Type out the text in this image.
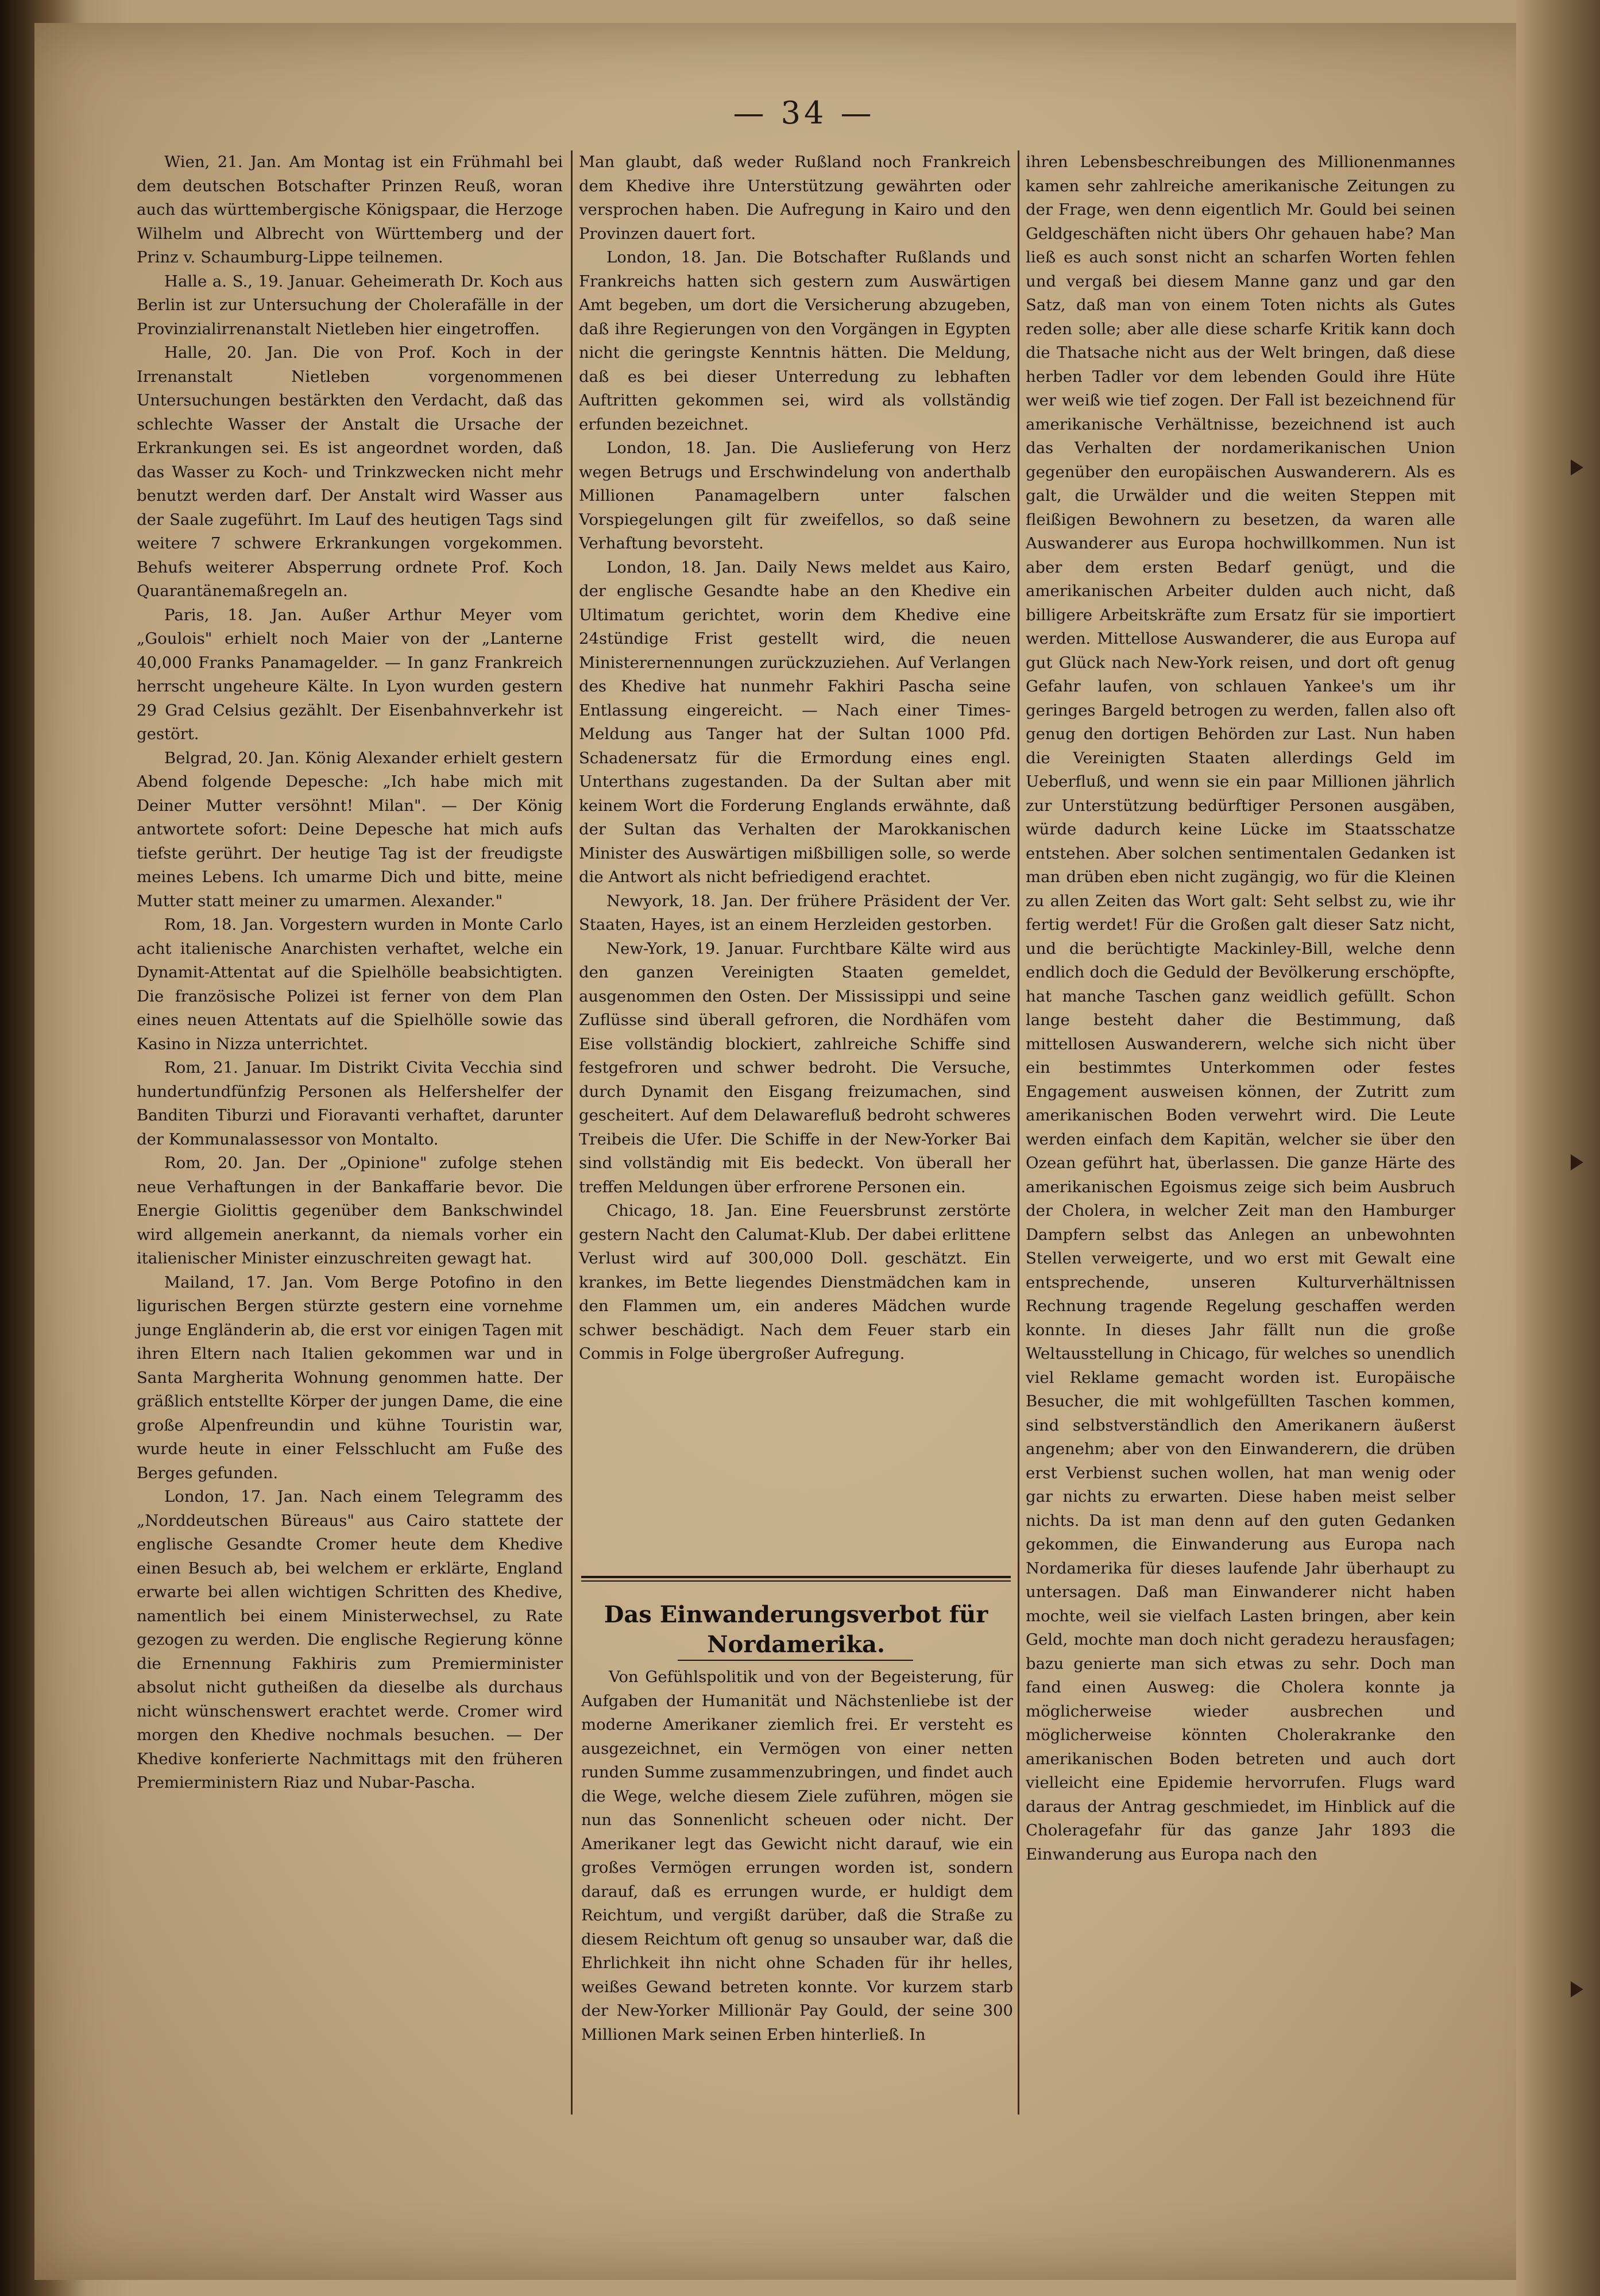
— 34 —

Wien, 21. Jan. Am Montag ist ein Frühmahl bei dem deutschen Botschafter Prinzen Reuß, woran auch das württembergische Königspaar, die Herzoge Wilhelm und Albrecht von Württemberg und der Prinz v. Schaumburg-Lippe teilnemen.

Halle a. S., 19. Januar. Geheimerath Dr. Koch aus Berlin ist zur Untersuchung der Cholerafälle in der Provinzialirrenanstalt Nietleben hier eingetroffen.

Halle, 20. Jan. Die von Prof. Koch in der Irrenanstalt Nietleben vorgenommenen Untersuchungen bestärkten den Verdacht, daß das schlechte Wasser der Anstalt die Ursache der Erkrankungen sei. Es ist angeordnet worden, daß das Wasser zu Koch- und Trinkzwecken nicht mehr benutzt werden darf. Der Anstalt wird Wasser aus der Saale zugeführt. Im Lauf des heutigen Tags sind weitere 7 schwere Erkrankungen vorgekommen. Behufs weiterer Absperrung ordnete Prof. Koch Quarantänemaßregeln an.

Paris, 18. Jan. Außer Arthur Meyer vom „Goulois" erhielt noch Maier von der „Lanterne 40,000 Franks Panamagelder. — In ganz Frankreich herrscht ungeheure Kälte. In Lyon wurden gestern 29 Grad Celsius gezählt. Der Eisenbahnverkehr ist gestört.

Belgrad, 20. Jan. König Alexander erhielt gestern Abend folgende Depesche: „Ich habe mich mit Deiner Mutter versöhnt! Milan". — Der König antwortete sofort: Deine Depesche hat mich aufs tiefste gerührt. Der heutige Tag ist der freudigste meines Lebens. Ich umarme Dich und bitte, meine Mutter statt meiner zu umarmen. Alexander."

Rom, 18. Jan. Vorgestern wurden in Monte Carlo acht italienische Anarchisten verhaftet, welche ein Dynamit-Attentat auf die Spielhölle beabsichtigten. Die französische Polizei ist ferner von dem Plan eines neuen Attentats auf die Spielhölle sowie das Kasino in Nizza unterrichtet.

Rom, 21. Januar. Im Distrikt Civita Vecchia sind hundertundfünfzig Personen als Helfershelfer der Banditen Tiburzi und Fioravanti verhaftet, darunter der Kommunalassessor von Montalto.

Rom, 20. Jan. Der „Opinione" zufolge stehen neue Verhaftungen in der Bankaffarie bevor. Die Energie Giolittis gegenüber dem Bankschwindel wird allgemein anerkannt, da niemals vorher ein italienischer Minister einzuschreiten gewagt hat.

Mailand, 17. Jan. Vom Berge Potofino in den ligurischen Bergen stürzte gestern eine vornehme junge Engländerin ab, die erst vor einigen Tagen mit ihren Eltern nach Italien gekommen war und in Santa Margherita Wohnung genommen hatte. Der gräßlich entstellte Körper der jungen Dame, die eine große Alpenfreundin und kühne Touristin war, wurde heute in einer Felsschlucht am Fuße des Berges gefunden.

London, 17. Jan. Nach einem Telegramm des „Norddeutschen Büreaus" aus Cairo stattete der englische Gesandte Cromer heute dem Khedive einen Besuch ab, bei welchem er erklärte, England erwarte bei allen wichtigen Schritten des Khedive, namentlich bei einem Ministerwechsel, zu Rate gezogen zu werden. Die englische Regierung könne die Ernennung Fakhiris zum Premierminister absolut nicht gutheißen da dieselbe als durchaus nicht wünschenswert erachtet werde. Cromer wird morgen den Khedive nochmals besuchen. — Der Khedive konferierte Nachmittags mit den früheren Premierministern Riaz und Nubar-Pascha.

Man glaubt, daß weder Rußland noch Frankreich dem Khedive ihre Unterstützung gewährten oder versprochen haben. Die Aufregung in Kairo und den Provinzen dauert fort.

London, 18. Jan. Die Botschafter Rußlands und Frankreichs hatten sich gestern zum Auswärtigen Amt begeben, um dort die Versicherung abzugeben, daß ihre Regierungen von den Vorgängen in Egypten nicht die geringste Kenntnis hätten. Die Meldung, daß es bei dieser Unterredung zu lebhaften Auftritten gekommen sei, wird als vollständig erfunden bezeichnet.

London, 18. Jan. Die Auslieferung von Herz wegen Betrugs und Erschwindelung von anderthalb Millionen Panamagelbern unter falschen Vorspiegelungen gilt für zweifellos, so daß seine Verhaftung bevorsteht.

London, 18. Jan. Daily News meldet aus Kairo, der englische Gesandte habe an den Khedive ein Ultimatum gerichtet, worin dem Khedive eine 24stündige Frist gestellt wird, die neuen Ministerernennungen zurückzuziehen. Auf Verlangen des Khedive hat nunmehr Fakhiri Pascha seine Entlassung eingereicht. — Nach einer Times-Meldung aus Tanger hat der Sultan 1000 Pfd. Schadenersatz für die Ermordung eines engl. Unterthans zugestanden. Da der Sultan aber mit keinem Wort die Forderung Englands erwähnte, daß der Sultan das Verhalten der Marokkanischen Minister des Auswärtigen mißbilligen solle, so werde die Antwort als nicht befriedigend erachtet.

Newyork, 18. Jan. Der frühere Präsident der Ver. Staaten, Hayes, ist an einem Herzleiden gestorben.

New-York, 19. Januar. Furchtbare Kälte wird aus den ganzen Vereinigten Staaten gemeldet, ausgenommen den Osten. Der Mississippi und seine Zuflüsse sind überall gefroren, die Nordhäfen vom Eise vollständig blockiert, zahlreiche Schiffe sind festgefroren und schwer bedroht. Die Versuche, durch Dynamit den Eisgang freizumachen, sind gescheitert. Auf dem Delawarefluß bedroht schweres Treibeis die Ufer. Die Schiffe in der New-Yorker Bai sind vollständig mit Eis bedeckt. Von überall her treffen Meldungen über erfrorene Personen ein.

Chicago, 18. Jan. Eine Feuersbrunst zerstörte gestern Nacht den Calumat-Klub. Der dabei erlittene Verlust wird auf 300,000 Doll. geschätzt. Ein krankes, im Bette liegendes Dienstmädchen kam in den Flammen um, ein anderes Mädchen wurde schwer beschädigt. Nach dem Feuer starb ein Commis in Folge übergroßer Aufregung.

Das Einwanderungsverbot für
Nordamerika.

Von Gefühlspolitik und von der Begeisterung, für Aufgaben der Humanität und Nächstenliebe ist der moderne Amerikaner ziemlich frei. Er versteht es ausgezeichnet, ein Vermögen von einer netten runden Summe zusammenzubringen, und findet auch die Wege, welche diesem Ziele zuführen, mögen sie nun das Sonnenlicht scheuen oder nicht. Der Amerikaner legt das Gewicht nicht darauf, wie ein großes Vermögen errungen worden ist, sondern darauf, daß es errungen wurde, er huldigt dem Reichtum, und vergißt darüber, daß die Straße zu diesem Reichtum oft genug so unsauber war, daß die Ehrlichkeit ihn nicht ohne Schaden für ihr helles, weißes Gewand betreten konnte. Vor kurzem starb der New-Yorker Millionär Pay Gould, der seine 300 Millionen Mark seinen Erben hinterließ. In

ihren Lebensbeschreibungen des Millionenmannes kamen sehr zahlreiche amerikanische Zeitungen zu der Frage, wen denn eigentlich Mr. Gould bei seinen Geldgeschäften nicht übers Ohr gehauen habe? Man ließ es auch sonst nicht an scharfen Worten fehlen und vergaß bei diesem Manne ganz und gar den Satz, daß man von einem Toten nichts als Gutes reden solle; aber alle diese scharfe Kritik kann doch die Thatsache nicht aus der Welt bringen, daß diese herben Tadler vor dem lebenden Gould ihre Hüte wer weiß wie tief zogen. Der Fall ist bezeichnend für amerikanische Verhältnisse, bezeichnend ist auch das Verhalten der nordamerikanischen Union gegenüber den europäischen Auswanderern. Als es galt, die Urwälder und die weiten Steppen mit fleißigen Bewohnern zu besetzen, da waren alle Auswanderer aus Europa hochwillkommen. Nun ist aber dem ersten Bedarf genügt, und die amerikanischen Arbeiter dulden auch nicht, daß billigere Arbeitskräfte zum Ersatz für sie importiert werden. Mittellose Auswanderer, die aus Europa auf gut Glück nach New-York reisen, und dort oft genug Gefahr laufen, von schlauen Yankee's um ihr geringes Bargeld betrogen zu werden, fallen also oft genug den dortigen Behörden zur Last. Nun haben die Vereinigten Staaten allerdings Geld im Ueberfluß, und wenn sie ein paar Millionen jährlich zur Unterstützung bedürftiger Personen ausgäben, würde dadurch keine Lücke im Staatsschatze entstehen. Aber solchen sentimentalen Gedanken ist man drüben eben nicht zugängig, wo für die Kleinen zu allen Zeiten das Wort galt: Seht selbst zu, wie ihr fertig werdet! Für die Großen galt dieser Satz nicht, und die berüchtigte Mackinley-Bill, welche denn endlich doch die Geduld der Bevölkerung erschöpfte, hat manche Taschen ganz weidlich gefüllt. Schon lange besteht daher die Bestimmung, daß mittellosen Auswanderern, welche sich nicht über ein bestimmtes Unterkommen oder festes Engagement ausweisen können, der Zutritt zum amerikanischen Boden verwehrt wird. Die Leute werden einfach dem Kapitän, welcher sie über den Ozean geführt hat, überlassen. Die ganze Härte des amerikanischen Egoismus zeige sich beim Ausbruch der Cholera, in welcher Zeit man den Hamburger Dampfern selbst das Anlegen an unbewohnten Stellen verweigerte, und wo erst mit Gewalt eine entsprechende, unseren Kulturverhältnissen Rechnung tragende Regelung geschaffen werden konnte. In dieses Jahr fällt nun die große Weltausstellung in Chicago, für welches so unendlich viel Reklame gemacht worden ist. Europäische Besucher, die mit wohlgefüllten Taschen kommen, sind selbstverständlich den Amerikanern äußerst angenehm; aber von den Einwanderern, die drüben erst Verbienst suchen wollen, hat man wenig oder gar nichts zu erwarten. Diese haben meist selber nichts. Da ist man denn auf den guten Gedanken gekommen, die Einwanderung aus Europa nach Nordamerika für dieses laufende Jahr überhaupt zu untersagen. Daß man Einwanderer nicht haben mochte, weil sie vielfach Lasten bringen, aber kein Geld, mochte man doch nicht geradezu herausfagen; bazu genierte man sich etwas zu sehr. Doch man fand einen Ausweg: die Cholera konnte ja möglicherweise wieder ausbrechen und möglicherweise könnten Cholerakranke den amerikanischen Boden betreten und auch dort vielleicht eine Epidemie hervorrufen. Flugs ward daraus der Antrag geschmiedet, im Hinblick auf die Choleragefahr für das ganze Jahr 1893 die Einwanderung aus Europa nach den
